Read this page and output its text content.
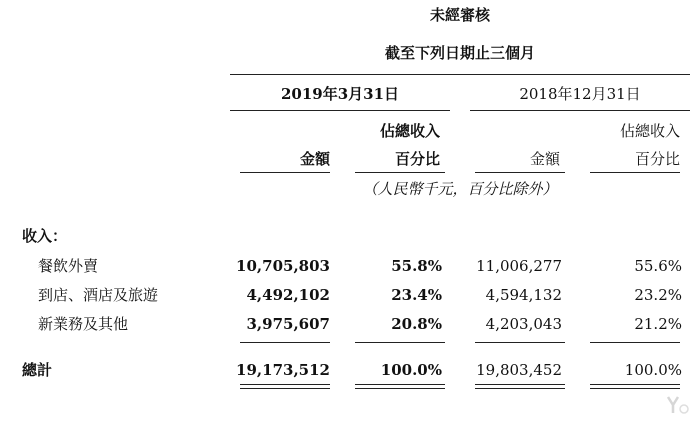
未經審核
截至下列日期止三個月
2019年3月31日	2018年12月31日
佔總收入	佔總收入
金額	百分比	金額	百分比
（人民幣千元，百分比除外）
收入：
餐飲外賣	10,705,803	55.8%	11,006,277	55.6%
到店、酒店及旅遊	4,492,102	23.4%	4,594,132	23.2%
新業務及其他	3,975,607	20.8%	4,203,043	21.2%
總計	19,173,512	100.0%	19,803,452	100.0%
